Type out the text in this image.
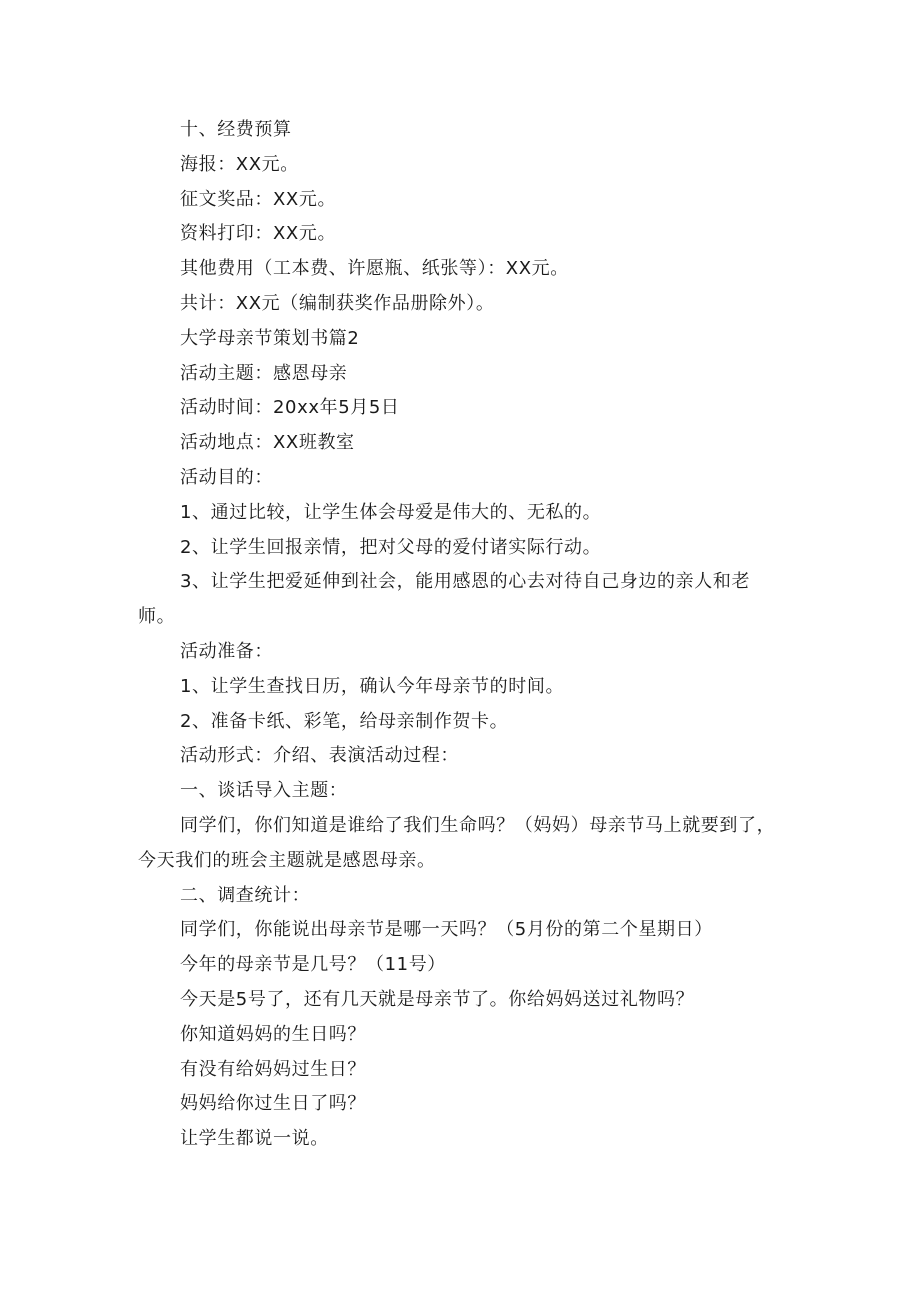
十、经费预算

海报：XX元。

征文奖品：XX元。

资料打印：XX元。

其他费用（工本费、许愿瓶、纸张等）：XX元。

共计：XX元（编制获奖作品册除外）。

大学母亲节策划书篇2

活动主题：感恩母亲

活动时间：20xx年5月5日

活动地点：XX班教室

活动目的：

1、通过比较，让学生体会母爱是伟大的、无私的。

2、让学生回报亲情，把对父母的爱付诸实际行动。

3、让学生把爱延伸到社会，能用感恩的心去对待自己身边的亲人和老师。

活动准备：

1、让学生查找日历，确认今年母亲节的时间。

2、准备卡纸、彩笔，给母亲制作贺卡。

活动形式：介绍、表演活动过程：

一、谈话导入主题：

同学们，你们知道是谁给了我们生命吗？（妈妈）母亲节马上就要到了，今天我们的班会主题就是感恩母亲。

二、调查统计：

同学们，你能说出母亲节是哪一天吗？（5月份的第二个星期日）

今年的母亲节是几号？（11号）

今天是5号了，还有几天就是母亲节了。你给妈妈送过礼物吗？

你知道妈妈的生日吗？

有没有给妈妈过生日？

妈妈给你过生日了吗？

让学生都说一说。
